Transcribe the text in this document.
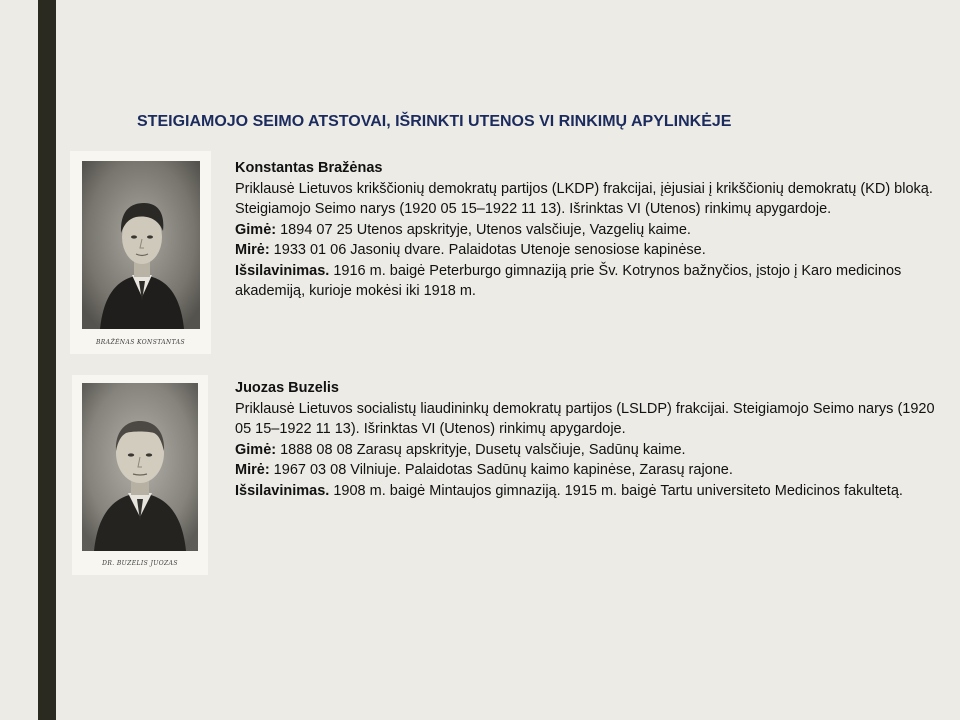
STEIGIAMOJO SEIMO ATSTOVAI, IŠRINKTI UTENOS VI RINKIMŲ APYLINKĖJE
BRAŽĖNAS KONSTANTAS
DR. BUZELIS JUOZAS

Konstantas Bražėnas

Priklausė Lietuvos krikščionių demokratų partijos (LKDP) frakcijai, įėjusiai į krikščionių demokratų (KD) bloką. Steigiamojo Seimo narys (1920 05 15–1922 11 13). Išrinktas VI (Utenos) rinkimų apygardoje.

Gimė: 1894 07 25 Utenos apskrityje, Utenos valsčiuje, Vazgelių kaime.

Mirė: 1933 01 06 Jasonių dvare. Palaidotas Utenoje senosiose kapinėse.

Išsilavinimas. 1916 m. baigė Peterburgo gimnaziją prie Šv. Kotrynos bažnyčios, įstojo į Karo medicinos akademiją, kurioje mokėsi iki 1918 m.

Juozas Buzelis

Priklausė Lietuvos socialistų liaudininkų demokratų partijos (LSLDP) frakcijai. Steigiamojo Seimo narys (1920 05 15–1922 11 13). Išrinktas VI (Utenos) rinkimų apygardoje.

Gimė: 1888 08 08 Zarasų apskrityje, Dusetų valsčiuje, Sadūnų kaime.

Mirė: 1967 03 08 Vilniuje. Palaidotas Sadūnų kaimo kapinėse, Zarasų rajone.

Išsilavinimas. 1908 m. baigė Mintaujos gimnaziją. 1915 m. baigė Tartu universiteto Medicinos fakultetą.
